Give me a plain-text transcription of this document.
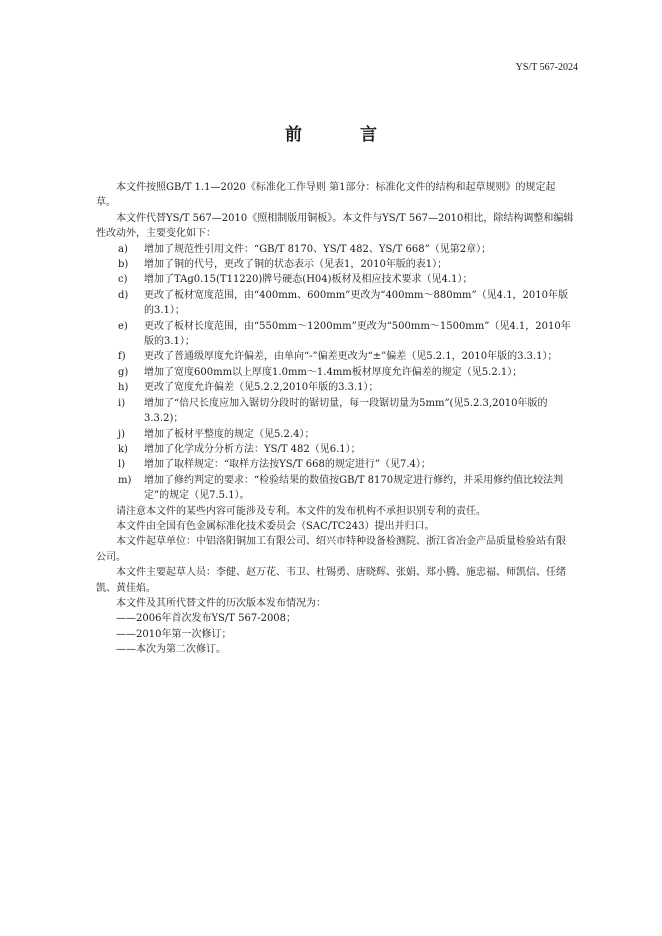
YS/T 567-2024
前 言

本文件按照GB/T 1.1—2020《标准化工作导则 第1部分：标准化文件的结构和起草规则》的规定起草。

本文件代替YS/T 567—2010《照相制版用铜板》。本文件与YS/T 567—2010相比，除结构调整和编辑性改动外，主要变化如下：

a)	增加了规范性引用文件：“GB/T 8170、YS/T 482、YS/T 668”（见第2章）；
b)	增加了铜的代号，更改了铜的状态表示（见表1，2010年版的表1）；
c)	增加了TAg0.15(T11220)牌号硬态(H04)板材及相应技术要求（见4.1）；
d)	更改了板材宽度范围，由“400mm、600mm”更改为“400mm～880mm”（见4.1，2010年版的3.1）；
e)	更改了板材长度范围，由“550mm～1200mm”更改为“500mm～1500mm”（见4.1，2010年版的3.1）；
f)	更改了普通级厚度允许偏差，由单向“-”偏差更改为“±”偏差（见5.2.1，2010年版的3.3.1）；
g)	增加了宽度600mm以上厚度1.0mm～1.4mm板材厚度允许偏差的规定（见5.2.1）；
h)	更改了宽度允许偏差（见5.2.2,2010年版的3.3.1）；
i)	增加了“倍尺长度应加入锯切分段时的锯切量，每一段锯切量为5mm”(见5.2.3,2010年版的3.3.2)；
j)	增加了板材平整度的规定（见5.2.4）；
k)	增加了化学成分分析方法：YS/T 482（见6.1）；
l)	增加了取样规定：“取样方法按YS/T 668的规定进行”（见7.4）；
m)	增加了修约判定的要求：“检验结果的数值按GB/T 8170规定进行修约，并采用修约值比较法判定”的规定（见7.5.1）。

请注意本文件的某些内容可能涉及专利。本文件的发布机构不承担识别专利的责任。

本文件由全国有色金属标准化技术委员会（SAC/TC243）提出并归口。

本文件起草单位：中铝洛阳铜加工有限公司、绍兴市特种设备检测院、浙江省冶金产品质量检验站有限公司。

本文件主要起草人员：李健、赵万花、韦卫、杜锡勇、唐晓辉、张娟、郑小腾、施忠福、师凯信、任绪凯、黄佳焰。

本文件及其所代替文件的历次版本发布情况为：

——2006年首次发布YS/T 567-2008；

——2010年第一次修订；

——本次为第二次修订。
